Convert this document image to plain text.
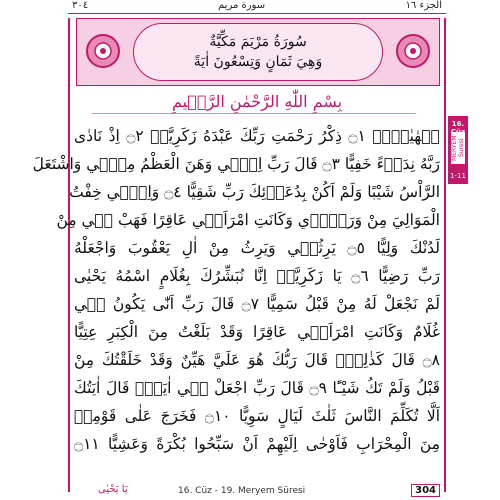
٣٠٤	سورة مريم	الجزء ١٦
سُورَةُ مَرْيَمَ مَكِّيَّةٌ
وَهِيَ ثَمَانٍ وَتِسْعُونَ اٰيَةً
بِسْمِ اللّٰهِ الرَّحْمٰنِ الرَّح۪يمِ
كۤهٰيٰعۤصۤ ۝١ ذِكْرُ رَحْمَتِ رَبِّكَ عَبْدَهُ زَكَرِيَّاۚ ۝٢ اِذْ نَادٰى
رَبَّهُ نِدَاۤءً خَفِيًّا ۝٣ قَالَ رَبِّ اِنّ۪ي وَهَنَ الْعَظْمُ مِنّ۪ي وَاشْتَعَلَ
الرَّاْسُ شَيْبًا وَلَمْ اَكُنْ بِدُعَاۤئِكَ رَبِّ شَقِيًّا ۝٤ وَاِنّ۪ي خِفْتُ
الْمَوَالِيَ مِنْ وَرَاۤء۪ي وَكَانَتِ امْرَاَت۪ي عَاقِرًا فَهَبْ ل۪ي مِنْ
لَدُنْكَ وَلِيًّا ۝٥ يَرِثُن۪ي وَيَرِثُ مِنْ اٰلِ يَعْقُوبَ وَاجْعَلْهُ
رَبِّ رَضِيًّا ۝٦ يَا زَكَرِيَّاۤ اِنَّا نُبَشِّرُكَ بِغُلَامٍ اسْمُهُ يَحْيٰى
لَمْ نَجْعَلْ لَهُ مِنْ قَبْلُ سَمِيًّا ۝٧ قَالَ رَبِّ اَنّٰى يَكُونُ ل۪ي
غُلَامٌ وَكَانَتِ امْرَاَت۪ي عَاقِرًا وَقَدْ بَلَغْتُ مِنَ الْكِبَرِ عِتِيًّا
۝٨ قَالَ كَذٰلِكَۚ قَالَ رَبُّكَ هُوَ عَلَيَّ هَيِّنٌ وَقَدْ خَلَقْتُكَ مِنْ
قَبْلُ وَلَمْ تَكُ شَيْـًٔا ۝٩ قَالَ رَبِّ اجْعَلْ ل۪ي اٰيَةًۜ قَالَ اٰيَتُكَ
اَلَّا تُكَلِّمَ النَّاسَ ثَلٰثَ لَيَالٍ سَوِيًّا ۝١٠ فَخَرَجَ عَلٰى قَوْمِه۪
مِنَ الْمِحْرَابِ فَاَوْحٰى اِلَيْهِمْ اَنْ سَبِّحُوا بُكْرَةً وَعَشِيًّا ۝١١
16.
MERYEM Suresi
1-11
يَا يَحْيٰى	16. Cüz - 19. Meryem Süresi	304
